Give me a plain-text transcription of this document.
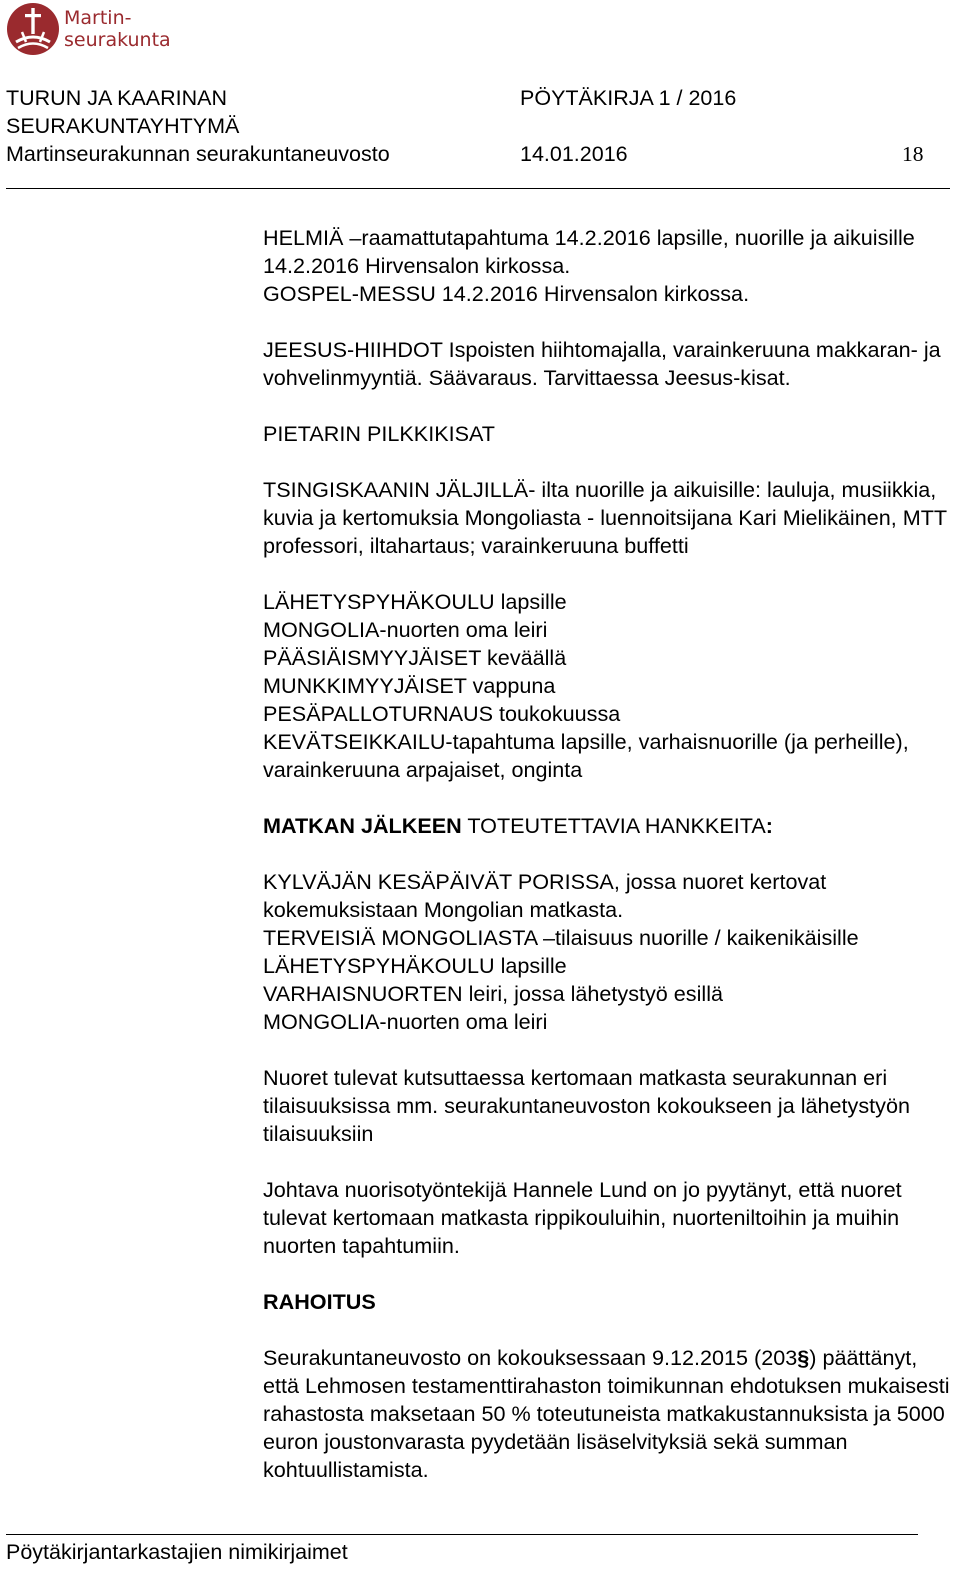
Martin-
seurakunta
TURUN JA KAARINAN
SEURAKUNTAYHTYMÄ
Martinseurakunnan seurakuntaneuvosto
PÖYTÄKIRJA 1 / 2016
14.01.2016	18

HELMIÄ –raamattutapahtuma 14.2.2016 lapsille, nuorille ja aikuisille 14.2.2016 Hirvensalon kirkossa.

GOSPEL-MESSU 14.2.2016 Hirvensalon kirkossa.

JEESUS-HIIHDOT Ispoisten hiihtomajalla, varainkeruuna makkaran- ja vohvelinmyyntiä. Säävaraus. Tarvittaessa Jeesus-kisat.

PIETARIN PILKKIKISAT

TSINGISKAANIN JÄLJILLÄ- ilta nuorille ja aikuisille: lauluja, musiikkia, kuvia ja kertomuksia Mongoliasta - luennoitsijana Kari Mielikäinen, MTT professori, iltahartaus; varainkeruuna buffetti

LÄHETYSPYHÄKOULU lapsille

MONGOLIA-nuorten oma leiri

PÄÄSIÄISMYYJÄISET keväällä

MUNKKIMYYJÄISET vappuna

PESÄPALLOTURNAUS toukokuussa

KEVÄTSEIKKAILU-tapahtuma lapsille, varhaisnuorille (ja perheille), varainkeruuna arpajaiset, onginta

MATKAN JÄLKEEN TOTEUTETTAVIA HANKKEITA:

KYLVÄJÄN KESÄPÄIVÄT PORISSA, jossa nuoret kertovat kokemuksistaan Mongolian matkasta.

TERVEISIÄ MONGOLIASTA –tilaisuus nuorille / kaikenikäisille

LÄHETYSPYHÄKOULU lapsille

VARHAISNUORTEN leiri, jossa lähetystyö esillä

MONGOLIA-nuorten oma leiri

Nuoret tulevat kutsuttaessa kertomaan matkasta seurakunnan eri tilaisuuksissa mm. seurakuntaneuvoston kokoukseen ja lähetystyön tilaisuuksiin

Johtava nuorisotyöntekijä Hannele Lund on jo pyytänyt, että nuoret tulevat kertomaan matkasta rippikouluihin, nuorteniltoihin ja muihin nuorten tapahtumiin.

RAHOITUS

Seurakuntaneuvosto on kokouksessaan 9.12.2015 (203§) päättänyt, että Lehmosen testamenttirahaston toimikunnan ehdotuksen mukaisesti rahastosta maksetaan 50 % toteutuneista matkakustannuksista ja 5000 euron joustonvarasta pyydetään lisäselvityksiä sekä summan kohtuullistamista.

Pöytäkirjantarkastajien nimikirjaimet
